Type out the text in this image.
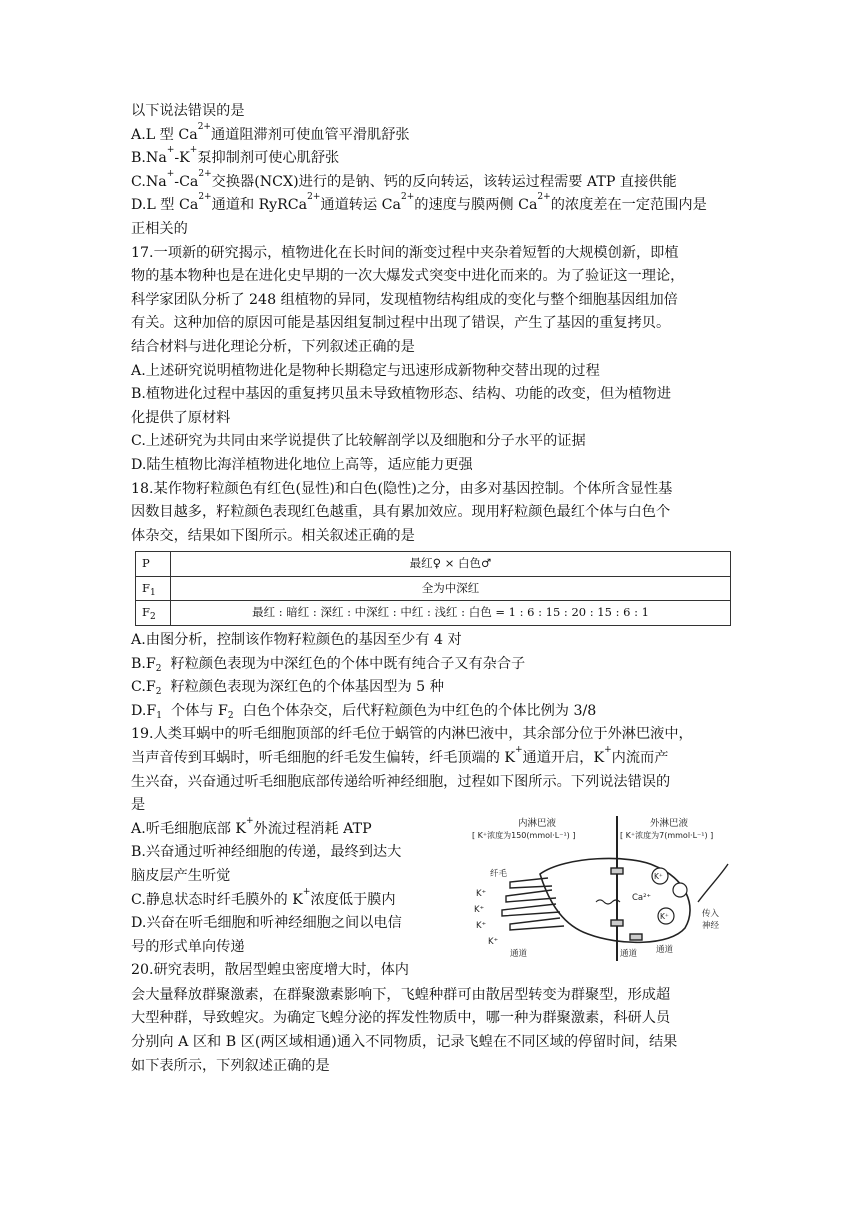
以下说法错误的是
A.L 型 $Ca^{2+}$通道阻滞剂可使血管平滑肌舒张
B.Na+-K+泵抑制剂可使心肌舒张
$C.Na^+-Ca^{2+}$交换器(NCX)进行的是钠、钙的反向转运，该转运过程需要 ATP 直接供能
D.L 型 $Ca^{2+}$通道和 RyRCa$^{2+}$通道转运 $Ca^{2+}$的速度与膜两侧 $Ca^{2+}$的浓度差在一定范围内是
正相关的
17.一项新的研究揭示，植物进化在长时间的渐变过程中夹杂着短暂的大规模创新，即植
物的基本物种也是在进化史早期的一次大爆发式突变中进化而来的。为了验证这一理论，
科学家团队分析了 248 组植物的异同，发现植物结构组成的变化与整个细胞基因组加倍
有关。这种加倍的原因可能是基因组复制过程中出现了错误，产生了基因的重复拷贝。
结合材料与进化理论分析，下列叙述正确的是
A.上述研究说明植物进化是物种长期稳定与迅速形成新物种交替出现的过程
B.植物进化过程中基因的重复拷贝虽未导致植物形态、结构、功能的改变，但为植物进
化提供了原材料
C.上述研究为共同由来学说提供了比较解剖学以及细胞和分子水平的证据
D.陆生植物比海洋植物进化地位上高等，适应能力更强
18.某作物籽粒颜色有红色(显性)和白色(隐性)之分，由多对基因控制。个体所含显性基
因数目越多，籽粒颜色表现红色越重，具有累加效应。现用籽粒颜色最红个体与白色个
体杂交，结果如下图所示。相关叙述正确的是
P	最红♀ × 白色♂
$F_1$	全为中深红
$F_2$	最红 : 暗红 : 深红 : 中深红 : 中红 : 浅红 : 白色 = 1 : 6 : 15 : 20 : 15 : 6 : 1
A.由图分析，控制该作物籽粒颜色的基因至少有 4 对
$B.F_2$  籽粒颜色表现为中深红色的个体中既有纯合子又有杂合子
$C.F_2$  籽粒颜色表现为深红色的个体基因型为 5 种
$D.F_1$  个体与 $F_2$  白色个体杂交，后代籽粒颜色为中红色的个体比例为 3/8
19.人类耳蜗中的听毛细胞顶部的纤毛位于蜗管的内淋巴液中，其余部分位于外淋巴液中，
当声音传到耳蜗时，听毛细胞的纤毛发生偏转，纤毛顶端的 K+通道开启，K+内流而产
生兴奋，兴奋通过听毛细胞底部传递给听神经细胞，过程如下图所示。下列说法错误的
是
A.听毛细胞底部 K+外流过程消耗 ATP
B.兴奋通过听神经细胞的传递，最终到达大
脑皮层产生听觉
C.静息状态时纤毛膜外的 K+浓度低于膜内
D.兴奋在听毛细胞和听神经细胞之间以电信
号的形式单向传递
20.研究表明，散居型蝗虫密度增大时，体内
内淋巴液
[ K⁺浓度为150(mmol·L⁻¹) ]
外淋巴液
[ K⁺浓度为7(mmol·L⁻¹) ]
纤毛
K⁺
K⁺
K⁺
K⁺
通道	通道 通道
Ca²⁺
传入
神经
K⁺
K⁺
会大量释放群聚激素，在群聚激素影响下，飞蝗种群可由散居型转变为群聚型，形成超
大型种群，导致蝗灾。为确定飞蝗分泌的挥发性物质中，哪一种为群聚激素，科研人员
分别向 A 区和 B 区(两区域相通)通入不同物质，记录飞蝗在不同区域的停留时间，结果
如下表所示，下列叙述正确的是
